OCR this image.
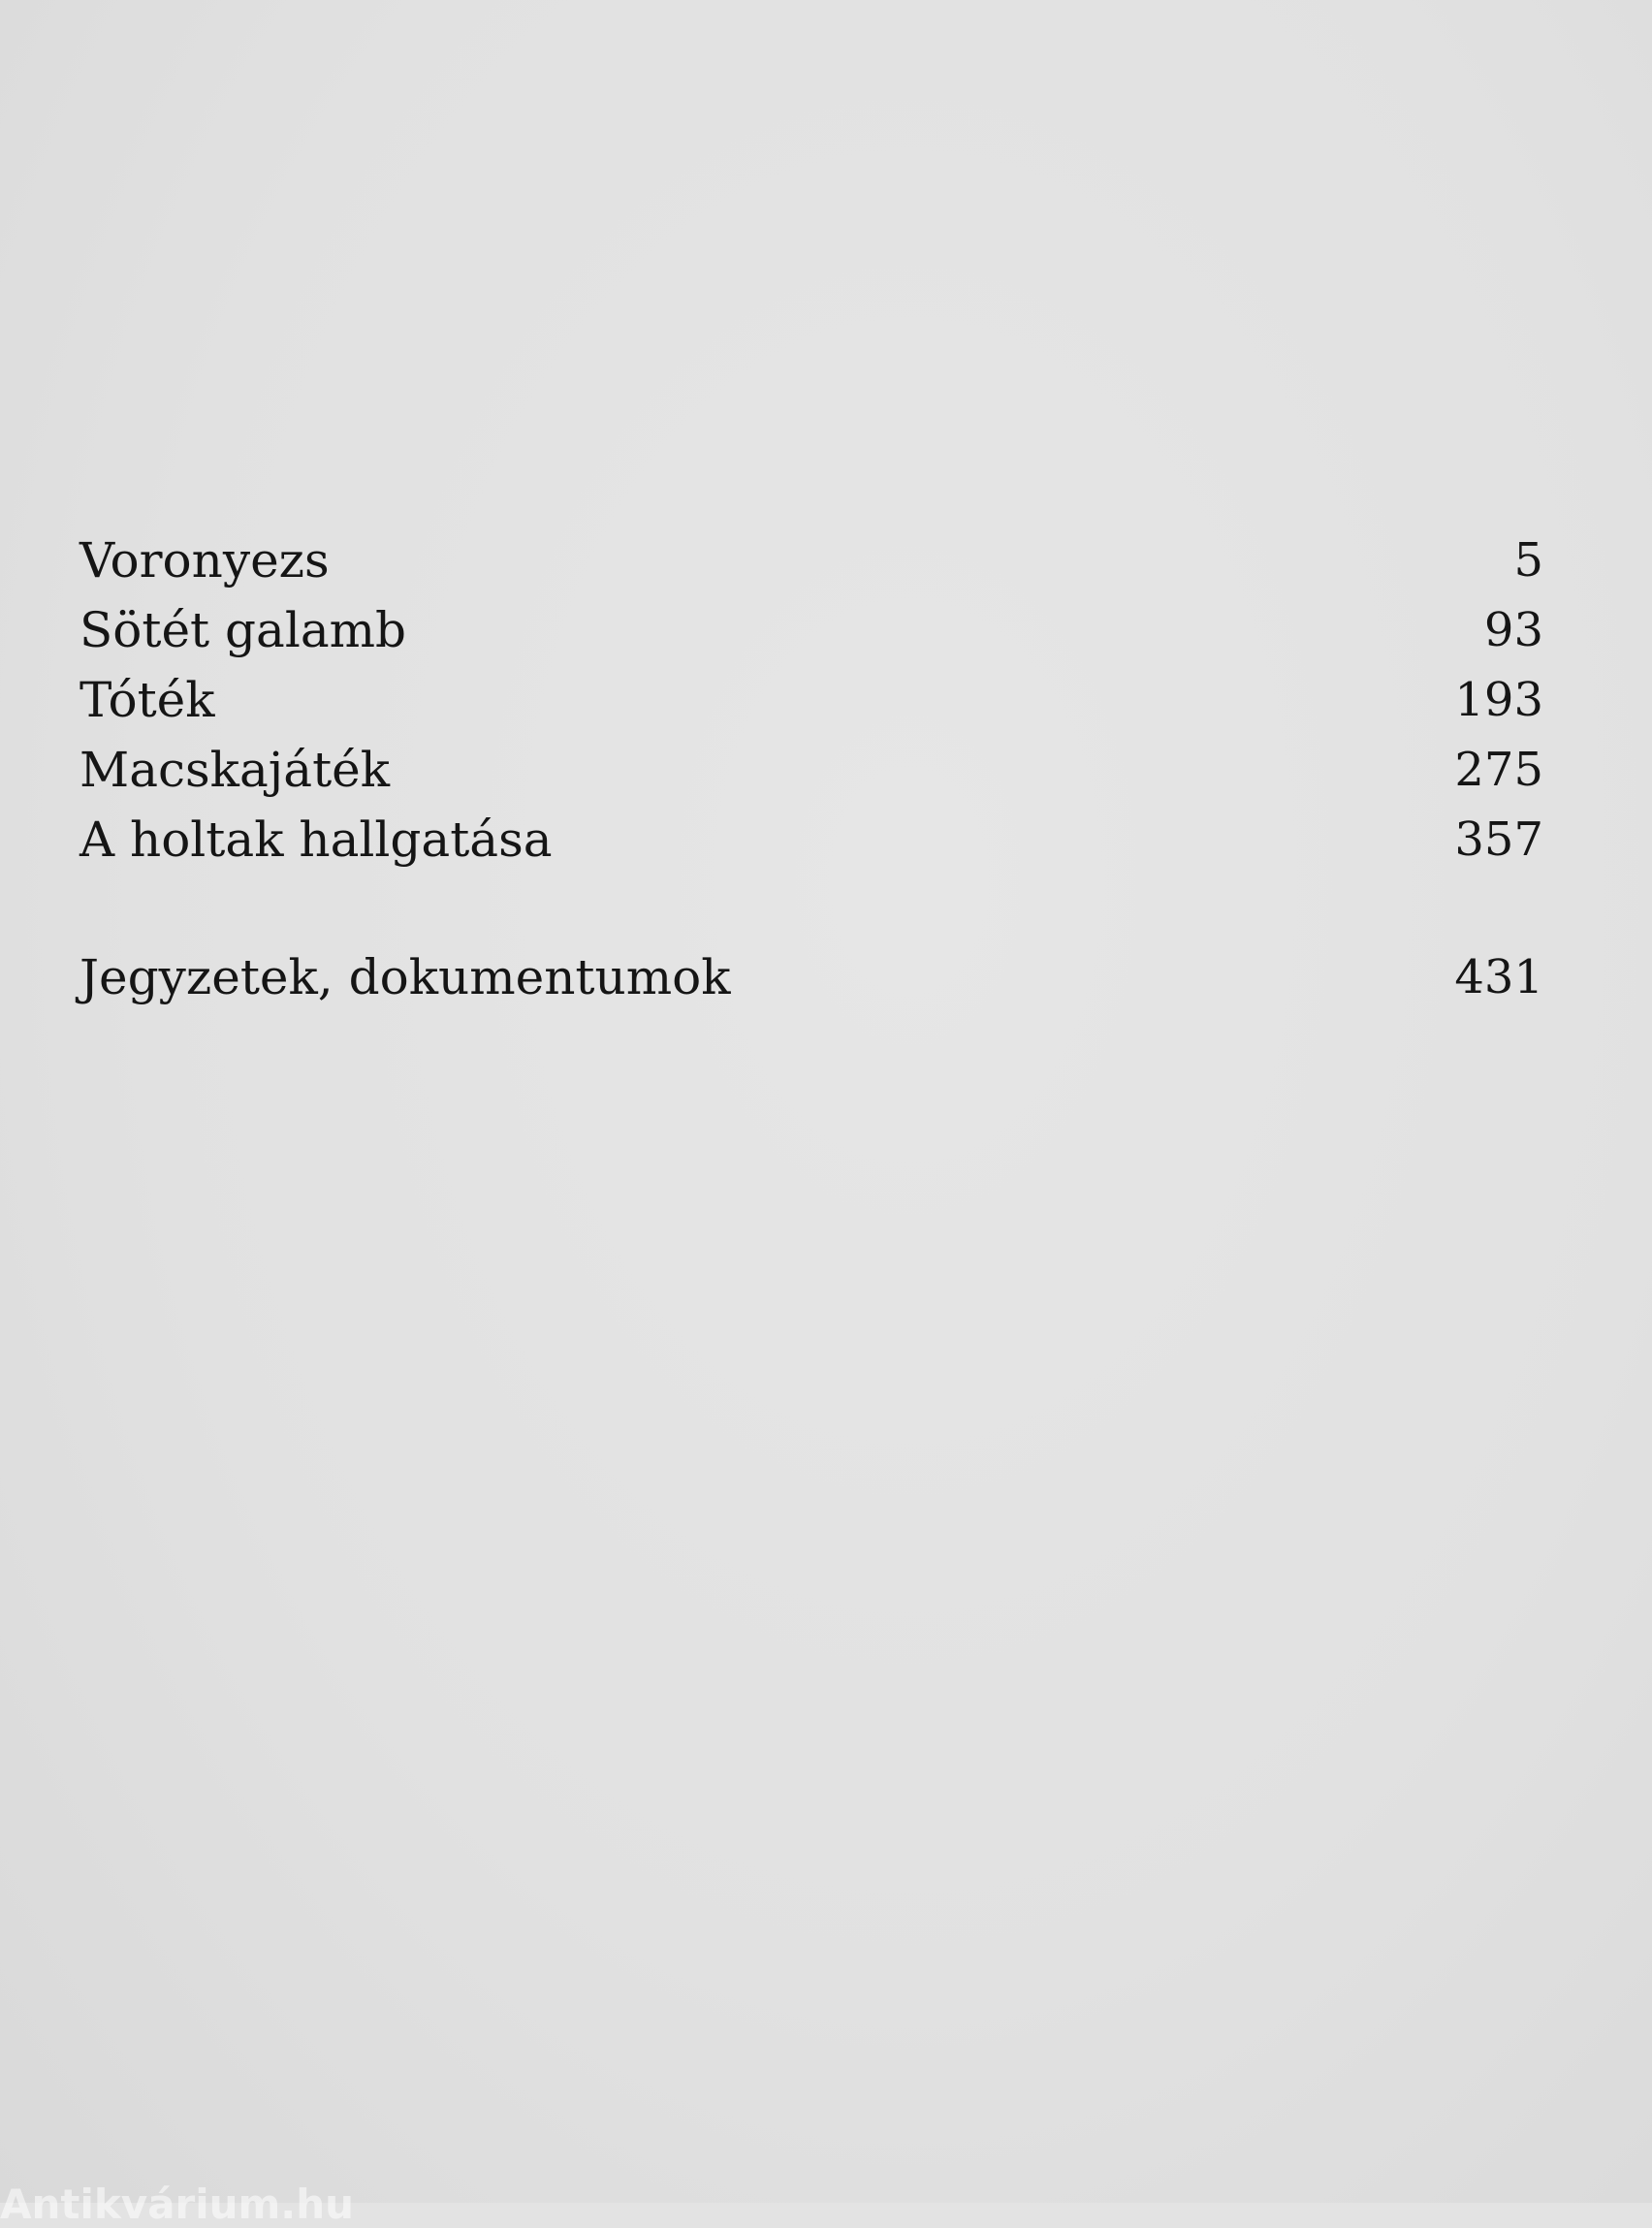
Voronyezs	5
Sötét galamb	93
Tóték	193
Macskajáték	275
A holtak hallgatása	357
Jegyzetek, dokumentumok	431
Antikvárium.hu
